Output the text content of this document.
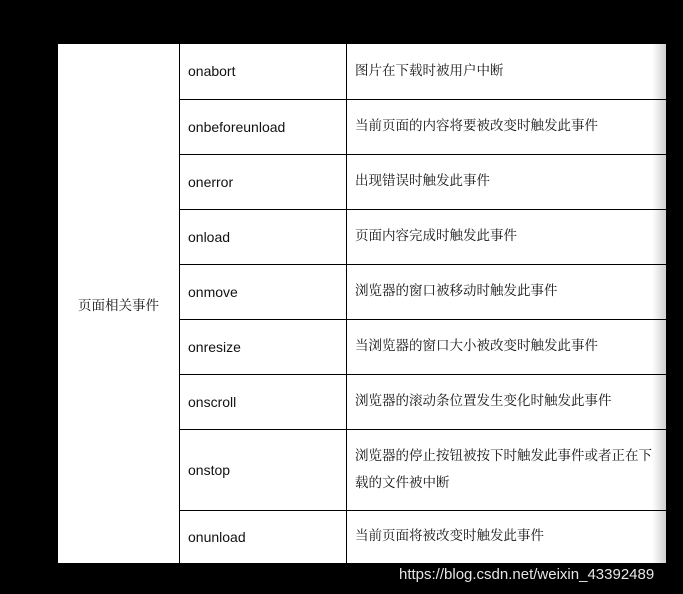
页面相关事件	onabort	图片在下载时被用户中断
	onbeforeunload	当前页面的内容将要被改变时触发此事件
	onerror	出现错误时触发此事件
	onload	页面内容完成时触发此事件
	onmove	浏览器的窗口被移动时触发此事件
	onresize	当浏览器的窗口大小被改变时触发此事件
	onscroll	浏览器的滚动条位置发生变化时触发此事件
	onstop	浏览器的停止按钮被按下时触发此事件或者正在下载的文件被中断
	onunload	当前页面将被改变时触发此事件
https://blog.csdn.net/weixin_43392489
